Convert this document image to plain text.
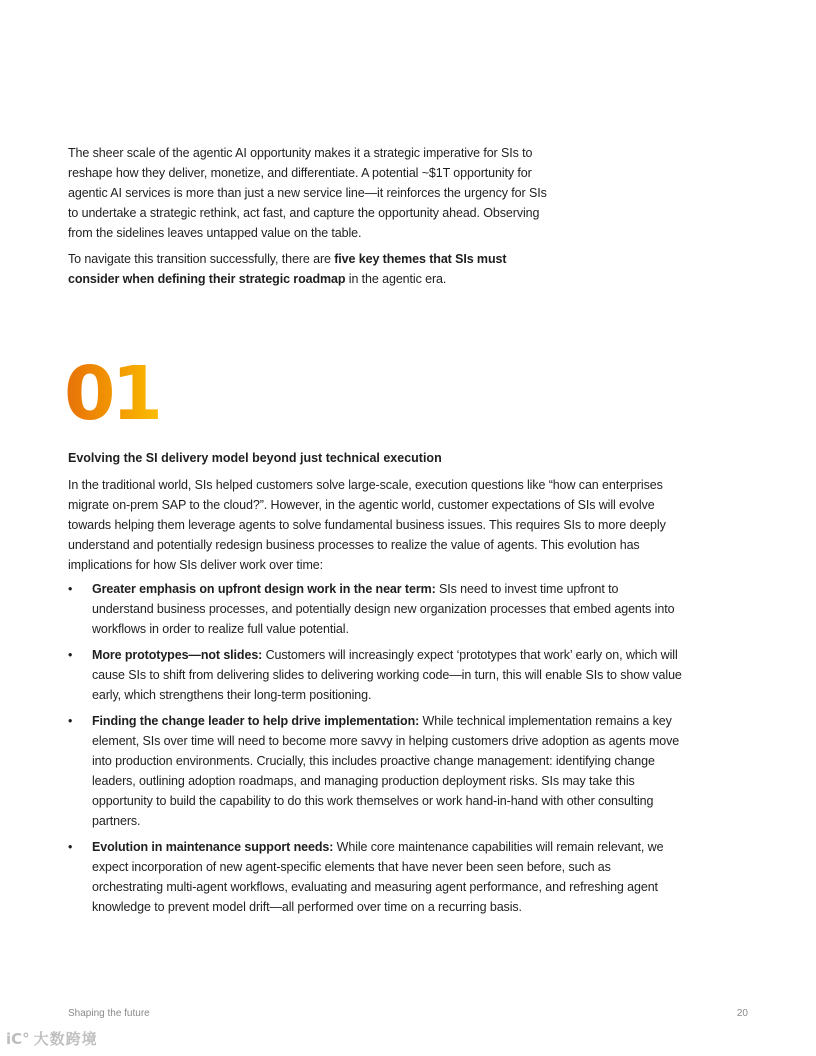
The sheer scale of the agentic AI opportunity makes it a strategic imperative for SIs to reshape how they deliver, monetize, and differentiate. A potential ~$1T opportunity for agentic AI services is more than just a new service line—it reinforces the urgency for SIs to undertake a strategic rethink, act fast, and capture the opportunity ahead. Observing from the sidelines leaves untapped value on the table.

To navigate this transition successfully, there are five key themes that SIs must consider when defining their strategic roadmap in the agentic era.

01
Evolving the SI delivery model beyond just technical execution

In the traditional world, SIs helped customers solve large-scale, execution questions like “how can enterprises migrate on-prem SAP to the cloud?”. However, in the agentic world, customer expectations of SIs will evolve towards helping them leverage agents to solve fundamental business issues. This requires SIs to more deeply understand and potentially redesign business processes to realize the value of agents. This evolution has implications for how SIs deliver work over time:

• Greater emphasis on upfront design work in the near term: SIs need to invest time upfront to understand business processes, and potentially design new organization processes that embed agents into workflows in order to realize full value potential.
• More prototypes—not slides: Customers will increasingly expect ‘prototypes that work’ early on, which will cause SIs to shift from delivering slides to delivering working code—in turn, this will enable SIs to show value early, which strengthens their long-term positioning.
• Finding the change leader to help drive implementation: While technical implementation remains a key element, SIs over time will need to become more savvy in helping customers drive adoption as agents move into production environments. Crucially, this includes proactive change management: identifying change leaders, outlining adoption roadmaps, and managing production deployment risks. SIs may take this opportunity to build the capability to do this work themselves or work hand-in-hand with other consulting partners.
• Evolution in maintenance support needs: While core maintenance capabilities will remain relevant, we expect incorporation of new agent-specific elements that have never been seen before, such as orchestrating multi-agent workflows, evaluating and measuring agent performance, and refreshing agent knowledge to prevent model drift—all performed over time on a recurring basis.
Shaping the future	20
iC° 大数跨境
